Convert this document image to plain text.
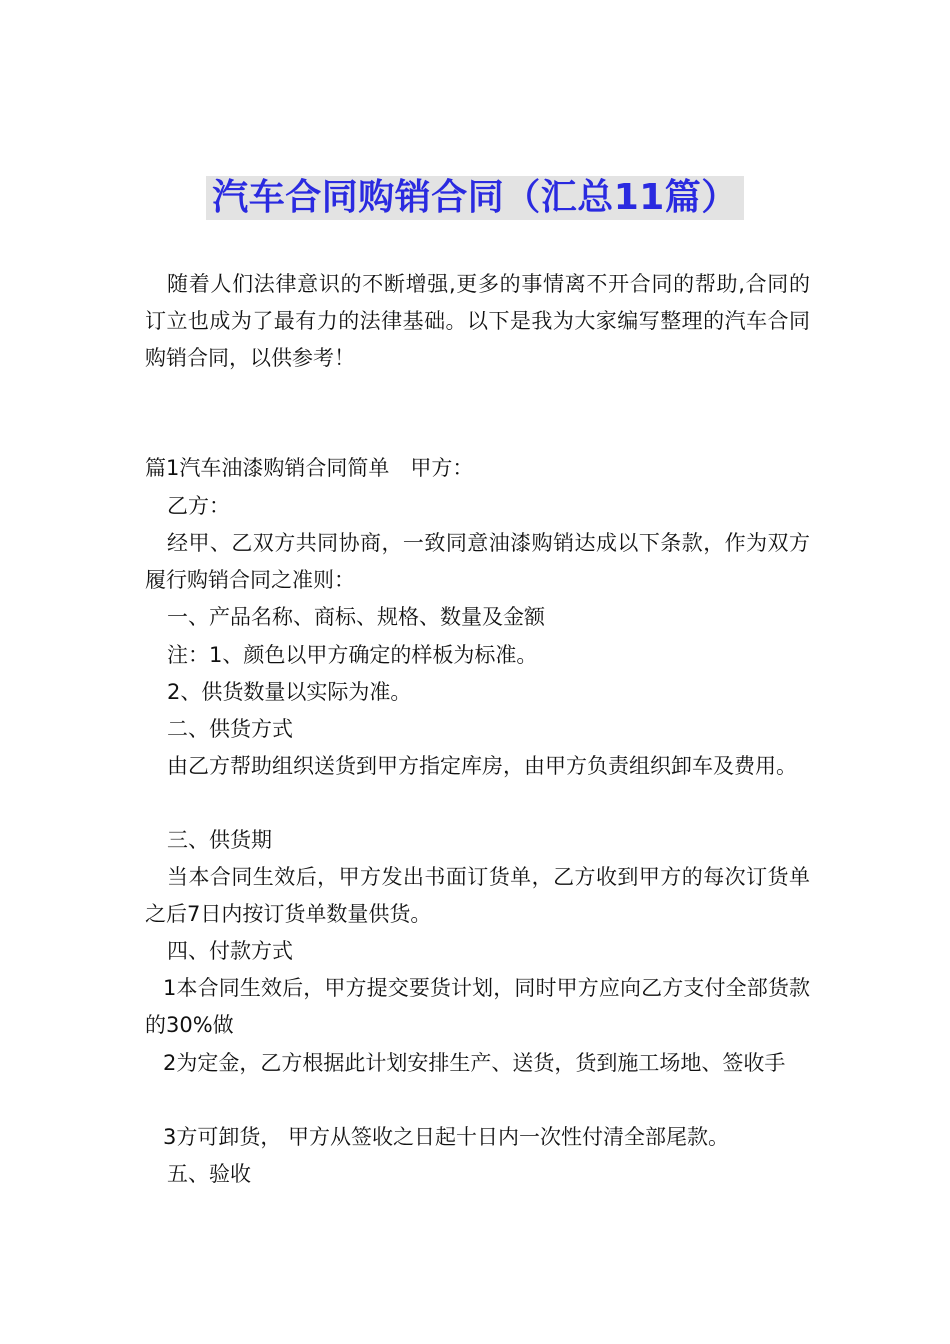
汽车合同购销合同（汇总11篇）
随着人们法律意识的不断增强,更多的事情离不开合同的帮助,合同的订立也成为了最有力的法律基础。以下是我为大家编写整理的汽车合同购销合同，以供参考！
篇1汽车油漆购销合同简单　甲方：
乙方：
经甲、乙双方共同协商，一致同意油漆购销达成以下条款，作为双方履行购销合同之准则：
一、产品名称、商标、规格、数量及金额
注：1、颜色以甲方确定的样板为标准。
2、供货数量以实际为准。
二、供货方式
由乙方帮助组织送货到甲方指定库房，由甲方负责组织卸车及费用。
三、供货期
当本合同生效后，甲方发出书面订货单，乙方收到甲方的每次订货单之后7日内按订货单数量供货。
四、付款方式
1本合同生效后，甲方提交要货计划，同时甲方应向乙方支付全部货款的30%做
2为定金，乙方根据此计划安排生产、送货，货到施工场地、签收手
3方可卸货， 甲方从签收之日起十日内一次性付清全部尾款。
五、验收
